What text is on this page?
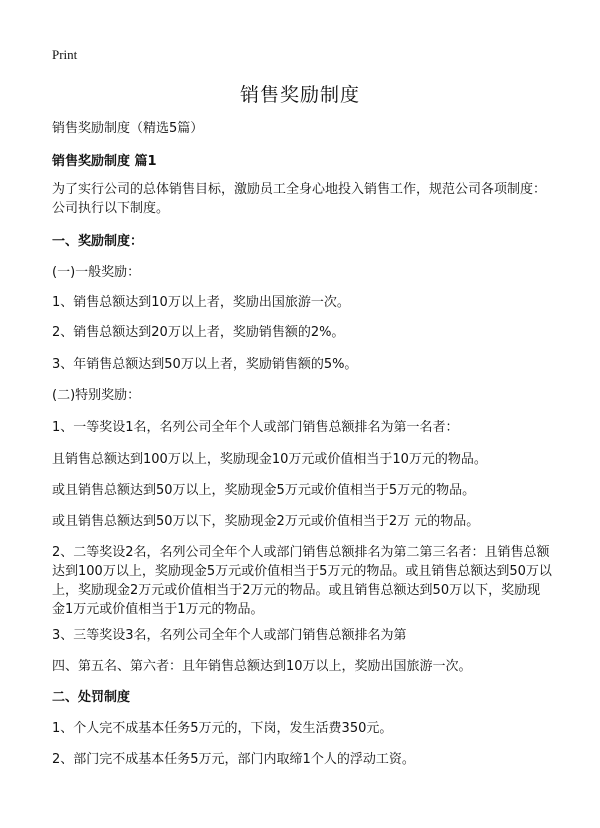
Print
销售奖励制度

销售奖励制度（精选5篇）

销售奖励制度 篇1

为了实行公司的总体销售目标，激励员工全身心地投入销售工作，规范公司各项制度：公司执行以下制度。

一、奖励制度：

(一)一般奖励：

1、销售总额达到10万以上者，奖励出国旅游一次。

2、销售总额达到20万以上者，奖励销售额的2%。

3、年销售总额达到50万以上者，奖励销售额的5%。

(二)特别奖励：

1、一等奖设1名，名列公司全年个人或部门销售总额排名为第一名者：

且销售总额达到100万以上，奖励现金10万元或价值相当于10万元的物品。

或且销售总额达到50万以上，奖励现金5万元或价值相当于5万元的物品。

或且销售总额达到50万以下，奖励现金2万元或价值相当于2万 元的物品。

2、二等奖设2名，名列公司全年个人或部门销售总额排名为第二第三名者：且销售总额达到100万以上，奖励现金5万元或价值相当于5万元的物品。或且销售总额达到50万以上，奖励现金2万元或价值相当于2万元的物品。或且销售总额达到50万以下，奖励现金1万元或价值相当于1万元的物品。

3、三等奖设3名，名列公司全年个人或部门销售总额排名为第

四、第五名、第六者：且年销售总额达到10万以上，奖励出国旅游一次。

二、处罚制度

1、个人完不成基本任务5万元的，下岗，发生活费350元。

2、部门完不成基本任务5万元，部门内取缔1个人的浮动工资。
